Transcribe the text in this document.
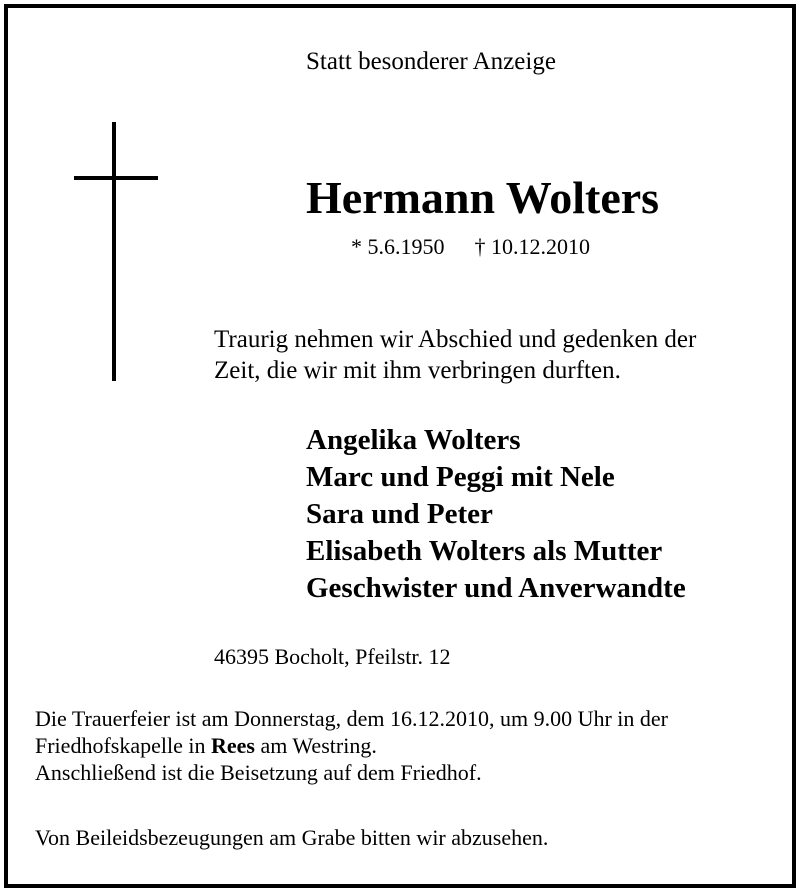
Statt besonderer Anzeige
Hermann Wolters
* 5.6.1950 † 10.12.2010
Traurig nehmen wir Abschied und gedenken der
Zeit, die wir mit ihm verbringen durften.
Angelika Wolters
Marc und Peggi mit Nele
Sara und Peter
Elisabeth Wolters als Mutter
Geschwister und Anverwandte
46395 Bocholt, Pfeilstr. 12
Die Trauerfeier ist am Donnerstag, dem 16.12.2010, um 9.00 Uhr in der
Friedhofskapelle in Rees am Westring.
Anschließend ist die Beisetzung auf dem Friedhof.
Von Beileidsbezeugungen am Grabe bitten wir abzusehen.
